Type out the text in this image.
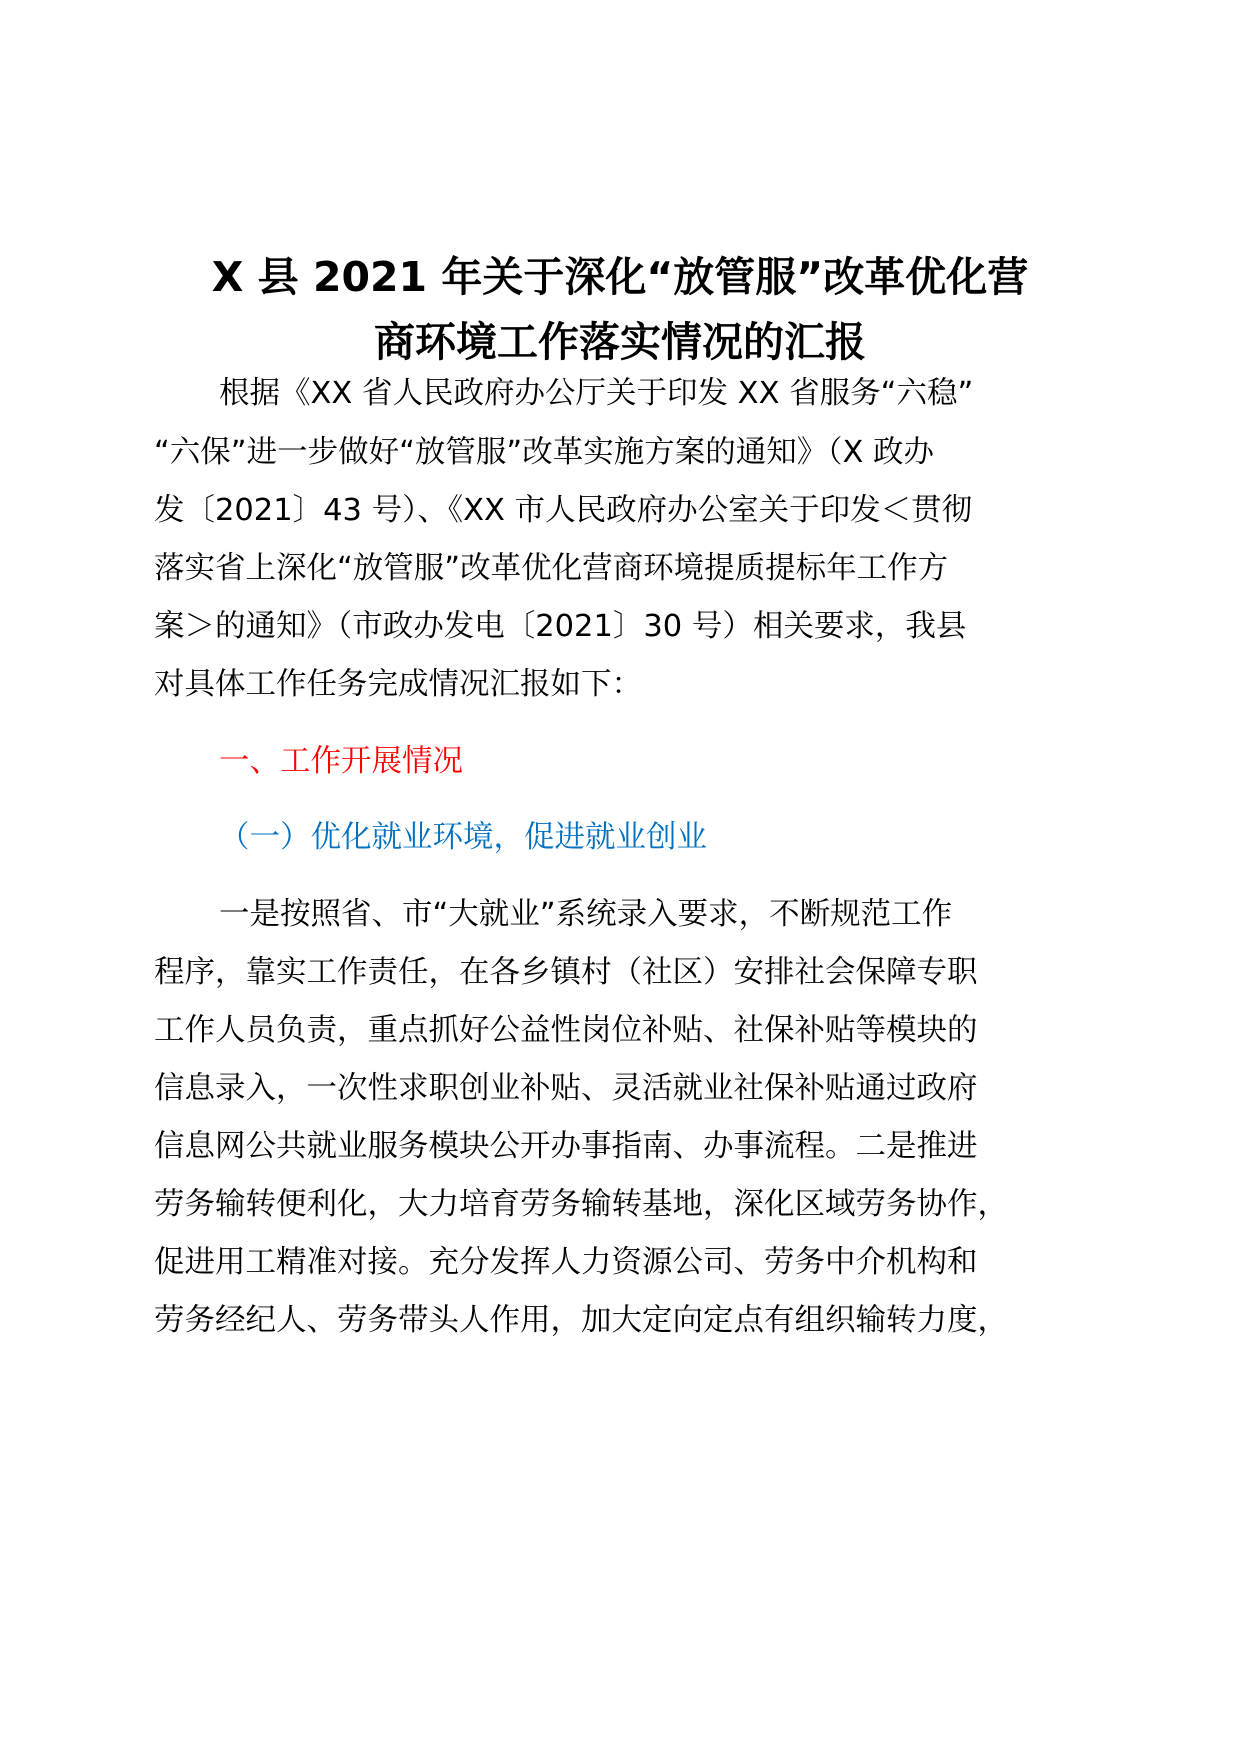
X 县 2021 年关于深化“放管服”改革优化营
商环境工作落实情况的汇报
根据《XX 省人民政府办公厅关于印发 XX 省服务“六稳”
“六保”进一步做好“放管服”改革实施方案的通知》（X 政办
发〔2021〕43 号）、《XX 市人民政府办公室关于印发＜贯彻
落实省上深化“放管服”改革优化营商环境提质提标年工作方
案＞的通知》（市政办发电〔2021〕30 号）相关要求，我县
对具体工作任务完成情况汇报如下：
一、工作开展情况
（一）优化就业环境，促进就业创业
一是按照省、市“大就业”系统录入要求，不断规范工作
程序，靠实工作责任，在各乡镇村（社区）安排社会保障专职
工作人员负责，重点抓好公益性岗位补贴、社保补贴等模块的
信息录入，一次性求职创业补贴、灵活就业社保补贴通过政府
信息网公共就业服务模块公开办事指南、办事流程。二是推进
劳务输转便利化，大力培育劳务输转基地，深化区域劳务协作，
促进用工精准对接。充分发挥人力资源公司、劳务中介机构和
劳务经纪人、劳务带头人作用，加大定向定点有组织输转力度，
